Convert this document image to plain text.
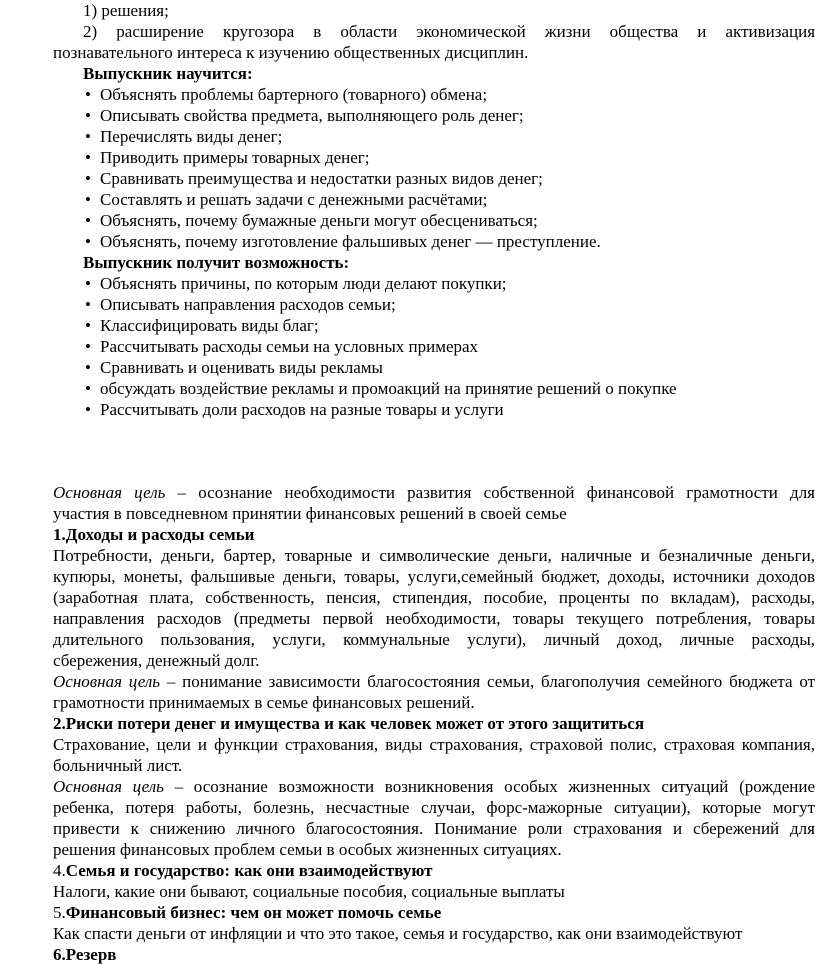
1) решения;

2) расширение кругозора в области экономической жизни общества и активизация

познавательного интереса к изучению общественных дисциплин.

Выпускник научится:

• Объяснять проблемы бартерного (товарного) обмена;
• Описывать свойства предмета, выполняющего роль денег;
• Перечислять виды денег;
• Приводить примеры товарных денег;
• Сравнивать преимущества и недостатки разных видов денег;
• Составлять и решать задачи с денежными расчётами;
• Объяснять, почему бумажные деньги могут обесцениваться;
• Объяснять, почему изготовление фальшивых денег — преступление.

Выпускник получит возможность:

• Объяснять причины, по которым люди делают покупки;
• Описывать направления расходов семьи;
• Классифицировать виды благ;
• Рассчитывать расходы семьи на условных примерах
• Сравнивать и оценивать виды рекламы
• обсуждать воздействие рекламы и промоакций на принятие решений о покупке
• Рассчитывать доли расходов на разные товары и услуги

Основная цель – осознание необходимости развития собственной финансовой грамотности для

участия в повседневном принятии финансовых решений в своей семье

1.Доходы и расходы семьи

Потребности, деньги, бартер, товарные и символические деньги, наличные и безналичные деньги,

купюры, монеты, фальшивые деньги, товары, услуги,семейный бюджет, доходы, источники доходов

(заработная плата, собственность, пенсия, стипендия, пособие, проценты по вкладам), расходы,

направления расходов (предметы первой необходимости, товары текущего потребления, товары

длительного пользования, услуги, коммунальные услуги), личный доход, личные расходы,

сбережения, денежный долг.

Основная цель – понимание зависимости благосостояния семьи, благополучия семейного бюджета от

грамотности принимаемых в семье финансовых решений.

2.Риски потери денег и имущества и как человек может от этого защититься

Страхование, цели и функции страхования, виды страхования, страховой полис, страховая компания,

больничный лист.

Основная цель – осознание возможности возникновения особых жизненных ситуаций (рождение

ребенка, потеря работы, болезнь, несчастные случаи, форс-мажорные ситуации), которые могут

привести к снижению личного благосостояния. Понимание роли страхования и сбережений для

решения финансовых проблем семьи в особых жизненных ситуациях.

4.Семья и государство: как они взаимодействуют

Налоги, какие они бывают, социальные пособия, социальные выплаты

5.Финансовый бизнес: чем он может помочь семье

Как спасти деньги от инфляции и что это такое, семья и государство, как они взаимодействуют

6.Резерв
